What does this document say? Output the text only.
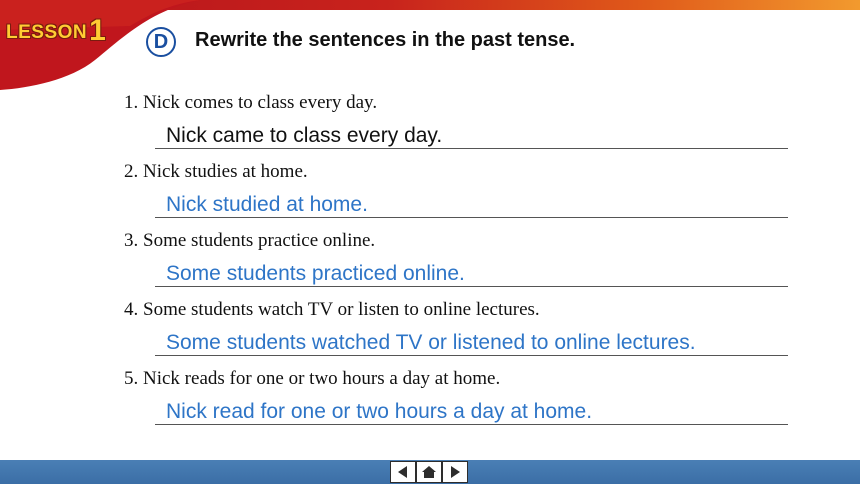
LESSON 1	D	Rewrite the sentences in the past tense.
1. Nick comes to class every day.
Nick came to class every day.
2. Nick studies at home.
Nick studied at home.
3. Some students practice online.
Some students practiced online.
4. Some students watch TV or listen to online lectures.
Some students watched TV or listened to online lectures.
5. Nick reads for one or two hours a day at home.
Nick read for one or two hours a day at home.
